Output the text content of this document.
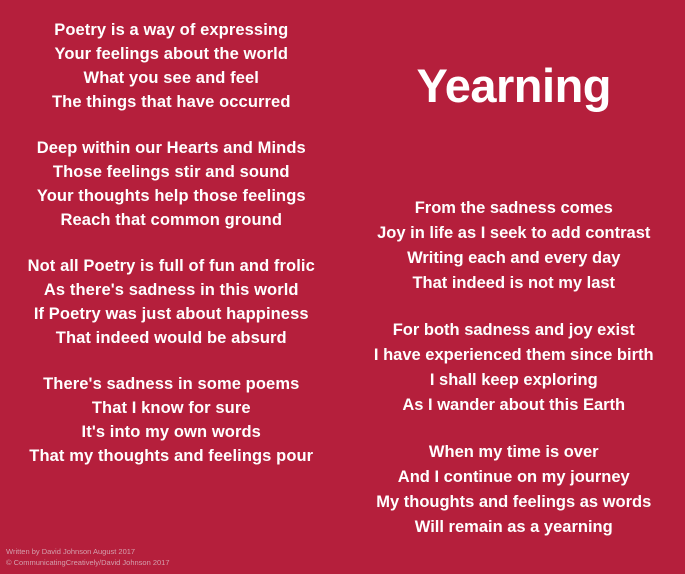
Poetry is a way of expressing
Your feelings about the world
What you see and feel
The things that have occurred
Deep within our Hearts and Minds
Those feelings stir and sound
Your thoughts help those feelings
Reach that common ground
Not all Poetry is full of fun and frolic
As there's sadness in this world
If Poetry was just about happiness
That indeed would be absurd
There's sadness in some poems
That I know for sure
It's into my own words
That my thoughts and feelings pour
Yearning
From the sadness comes
Joy in life as I seek to add contrast
Writing each and every day
That indeed is not my last
For both sadness and joy exist
I have experienced them since birth
I shall keep exploring
As I wander about this Earth
When my time is over
And I continue on my journey
My thoughts and feelings as words
Will remain as a yearning
Written by David Johnson August 2017
© CommunicatingCreatively/David Johnson 2017
